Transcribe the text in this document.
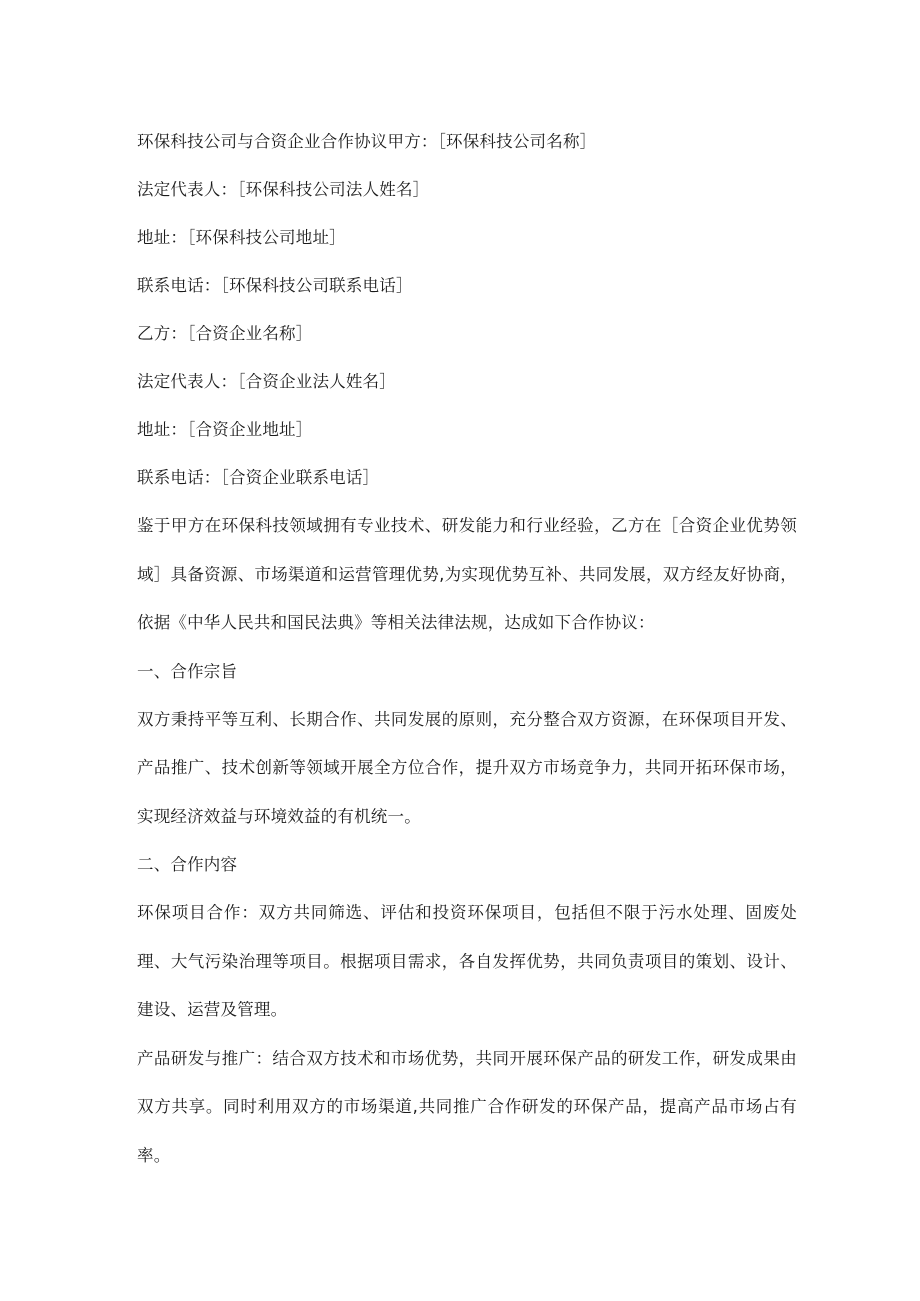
环保科技公司与合资企业合作协议甲方：［环保科技公司名称］

法定代表人：［环保科技公司法人姓名］

地址：［环保科技公司地址］

联系电话：［环保科技公司联系电话］

乙方：［合资企业名称］

法定代表人：［合资企业法人姓名］

地址：［合资企业地址］

联系电话：［合资企业联系电话］

鉴于甲方在环保科技领域拥有专业技术、研发能力和行业经验，乙方在［合资企业优势领域］具备资源、市场渠道和运营管理优势,为实现优势互补、共同发展，双方经友好协商，依据《中华人民共和国民法典》等相关法律法规，达成如下合作协议：

一、合作宗旨

双方秉持平等互利、长期合作、共同发展的原则，充分整合双方资源，在环保项目开发、产品推广、技术创新等领域开展全方位合作，提升双方市场竞争力，共同开拓环保市场，实现经济效益与环境效益的有机统一。

二、合作内容

环保项目合作：双方共同筛选、评估和投资环保项目，包括但不限于污水处理、固废处理、大气污染治理等项目。根据项目需求，各自发挥优势，共同负责项目的策划、设计、建设、运营及管理。

产品研发与推广：结合双方技术和市场优势，共同开展环保产品的研发工作，研发成果由双方共享。同时利用双方的市场渠道,共同推广合作研发的环保产品，提高产品市场占有率。
